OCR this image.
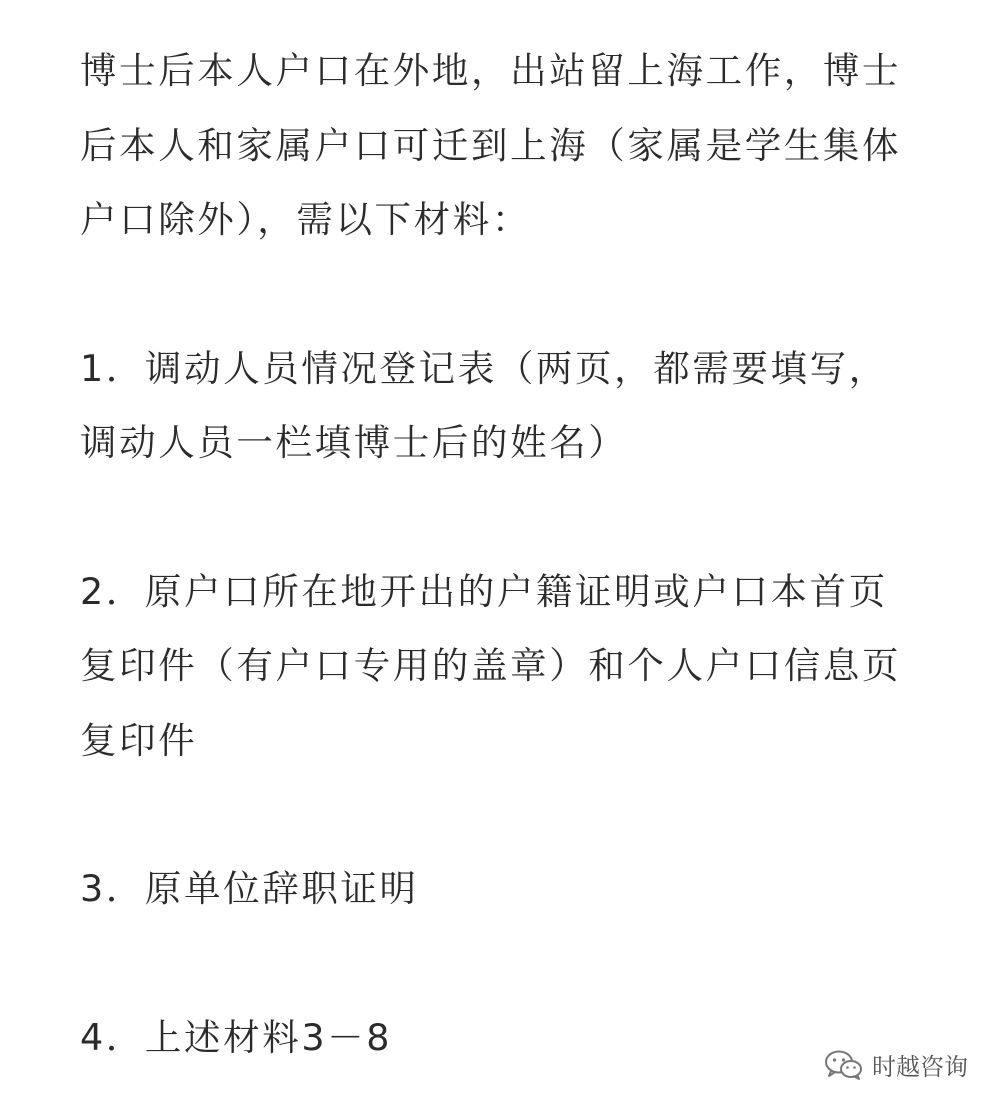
博士后本人户口在外地，出站留上海工作，博士后本人和家属户口可迁到上海（家属是学生集体户口除外），需以下材料：

1．调动人员情况登记表（两页，都需要填写，调动人员一栏填博士后的姓名）

2．原户口所在地开出的户籍证明或户口本首页复印件（有户口专用的盖章）和个人户口信息页复印件

3．原单位辞职证明

4．上述材料3－8

时越咨询
